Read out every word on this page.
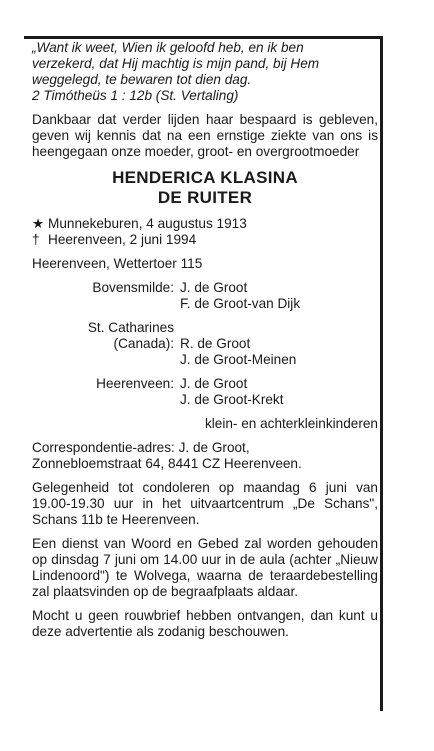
„Want ik weet, Wien ik geloofd heb, en ik ben

verzekerd, dat Hij machtig is mijn pand, bij Hem

weggelegd, te bewaren tot dien dag.

2 Timótheüs 1 : 12b (St. Vertaling)

Dankbaar dat verder lijden haar bespaard is gebleven, geven wij kennis dat na een ernstige ziekte van ons is heengegaan onze moeder, groot- en overgrootmoeder

HENDERICA KLASINA

DE RUITER

★ Munnekeburen, 4 augustus 1913

† Heerenveen, 2 juni 1994

Heerenveen, Wettertoer 115

Bovensmilde: J. de Groot
F. de Groot-van Dijk
St. Catharines
(Canada): R. de Groot
J. de Groot-Meinen
Heerenveen: J. de Groot
J. de Groot-Krekt

klein- en achterkleinkinderen

Correspondentie-adres: J. de Groot,

Zonnebloemstraat 64, 8441 CZ Heerenveen.

Gelegenheid tot condoleren op maandag 6 juni van 19.00-19.30 uur in het uitvaartcentrum „De Schans", Schans 11b te Heerenveen.

Een dienst van Woord en Gebed zal worden gehouden op dinsdag 7 juni om 14.00 uur in de aula (achter „Nieuw Lindenoord") te Wolvega, waarna de teraardebestelling zal plaatsvinden op de begraafplaats aldaar.

Mocht u geen rouwbrief hebben ontvangen, dan kunt u deze advertentie als zodanig beschouwen.
